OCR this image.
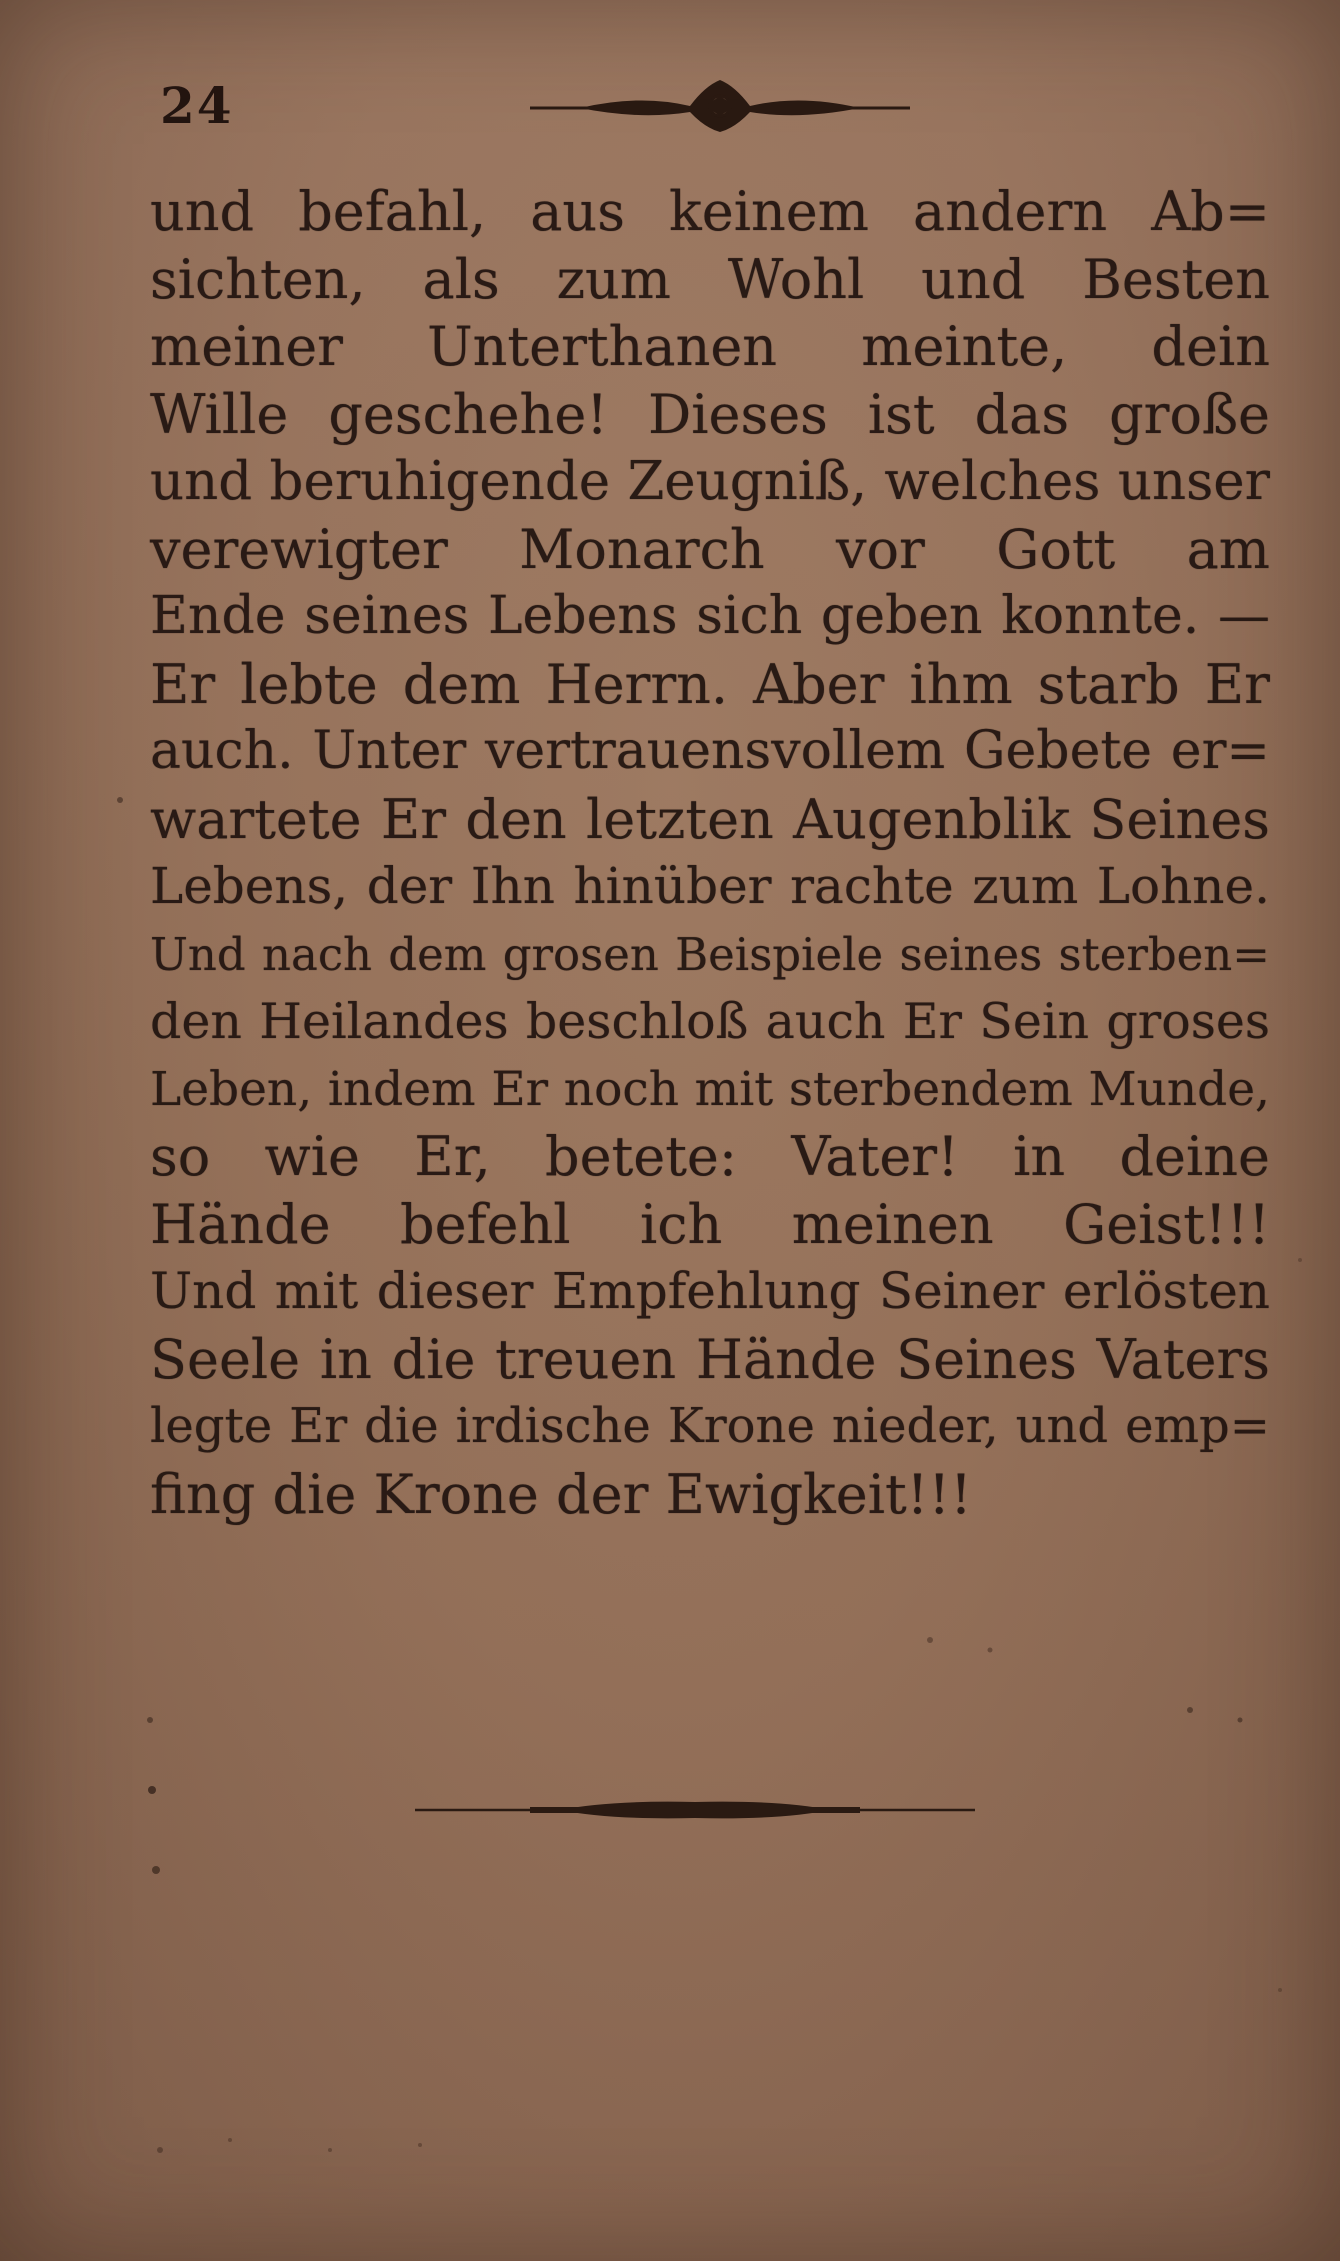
24
und befahl, aus keinem andern Ab=
sichten, als zum Wohl und Besten
meiner Unterthanen meinte, dein
Wille geschehe! Dieses ist das große
und beruhigende Zeugniß, welches unser
verewigter Monarch vor Gott am
Ende seines Lebens sich geben konnte. —
Er lebte dem Herrn. Aber ihm starb Er
auch. Unter vertrauensvollem Gebete er=
wartete Er den letzten Augenblik Seines
Lebens, der Ihn hinüber rachte zum Lohne.
Und nach dem grosen Beispiele seines sterben=
den Heilandes beschloß auch Er Sein groses
Leben, indem Er noch mit sterbendem Munde,
so wie Er, betete: Vater! in deine
Hände befehl ich meinen Geist!!!
Und mit dieser Empfehlung Seiner erlösten
Seele in die treuen Hände Seines Vaters
legte Er die irdische Krone nieder, und emp=
fing die Krone der Ewigkeit!!!
